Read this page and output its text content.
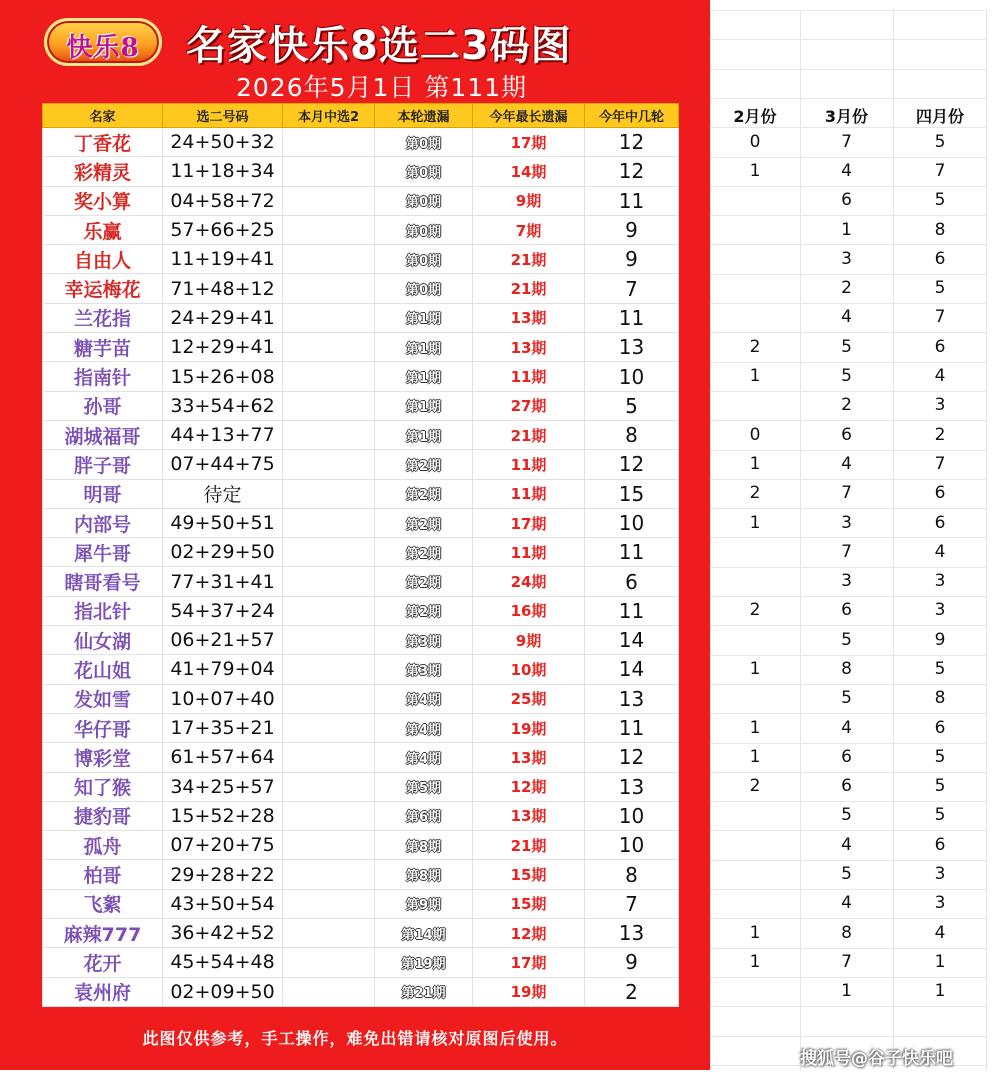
快乐8	名家快乐8选二3码图
2026年5月1日 第111期
此图仅供参考，手工操作，难免出错请核对原图后使用。
名家	选二号码	本月中选2	本轮遗漏	今年最长遗漏	今年中几轮
丁香花	24+50+32		第0期	17期	12
彩精灵	11+18+34		第0期	14期	12
奖小算	04+58+72		第0期	9期	11
乐赢	57+66+25		第0期	7期	9
自由人	11+19+41		第0期	21期	9
幸运梅花	71+48+12		第0期	21期	7
兰花指	24+29+41		第1期	13期	11
糖芋苗	12+29+41		第1期	13期	13
指南针	15+26+08		第1期	11期	10
孙哥	33+54+62		第1期	27期	5
湖城福哥	44+13+77		第1期	21期	8
胖子哥	07+44+75		第2期	11期	12
明哥	待定		第2期	11期	15
内部号	49+50+51		第2期	17期	10
犀牛哥	02+29+50		第2期	11期	11
瞎哥看号	77+31+41		第2期	24期	6
指北针	54+37+24		第2期	16期	11
仙女湖	06+21+57		第3期	9期	14
花山姐	41+79+04		第3期	10期	14
发如雪	10+07+40		第4期	25期	13
华仔哥	17+35+21		第4期	19期	11
博彩堂	61+57+64		第4期	13期	12
知了猴	34+25+57		第5期	12期	13
捷豹哥	15+52+28		第6期	13期	10
孤舟	07+20+75		第8期	21期	10
柏哥	29+28+22		第8期	15期	8
飞絮	43+50+54		第9期	15期	7
麻辣777	36+42+52		第14期	12期	13
花开	45+54+48		第19期	17期	9
袁州府	02+09+50		第21期	19期	2
2月份	3月份	四月份
0	7	5
1	4	7
	6	5
	1	8
	3	6
	2	5
	4	7
2	5	6
1	5	4
	2	3
0	6	2
1	4	7
2	7	6
1	3	6
	7	4
	3	3
2	6	3
	5	9
1	8	5
	5	8
1	4	6
1	6	5
2	6	5
	5	5
	4	6
	5	3
	4	3
1	8	4
1	7	1
	1	1
搜狐号@谷子快乐吧
